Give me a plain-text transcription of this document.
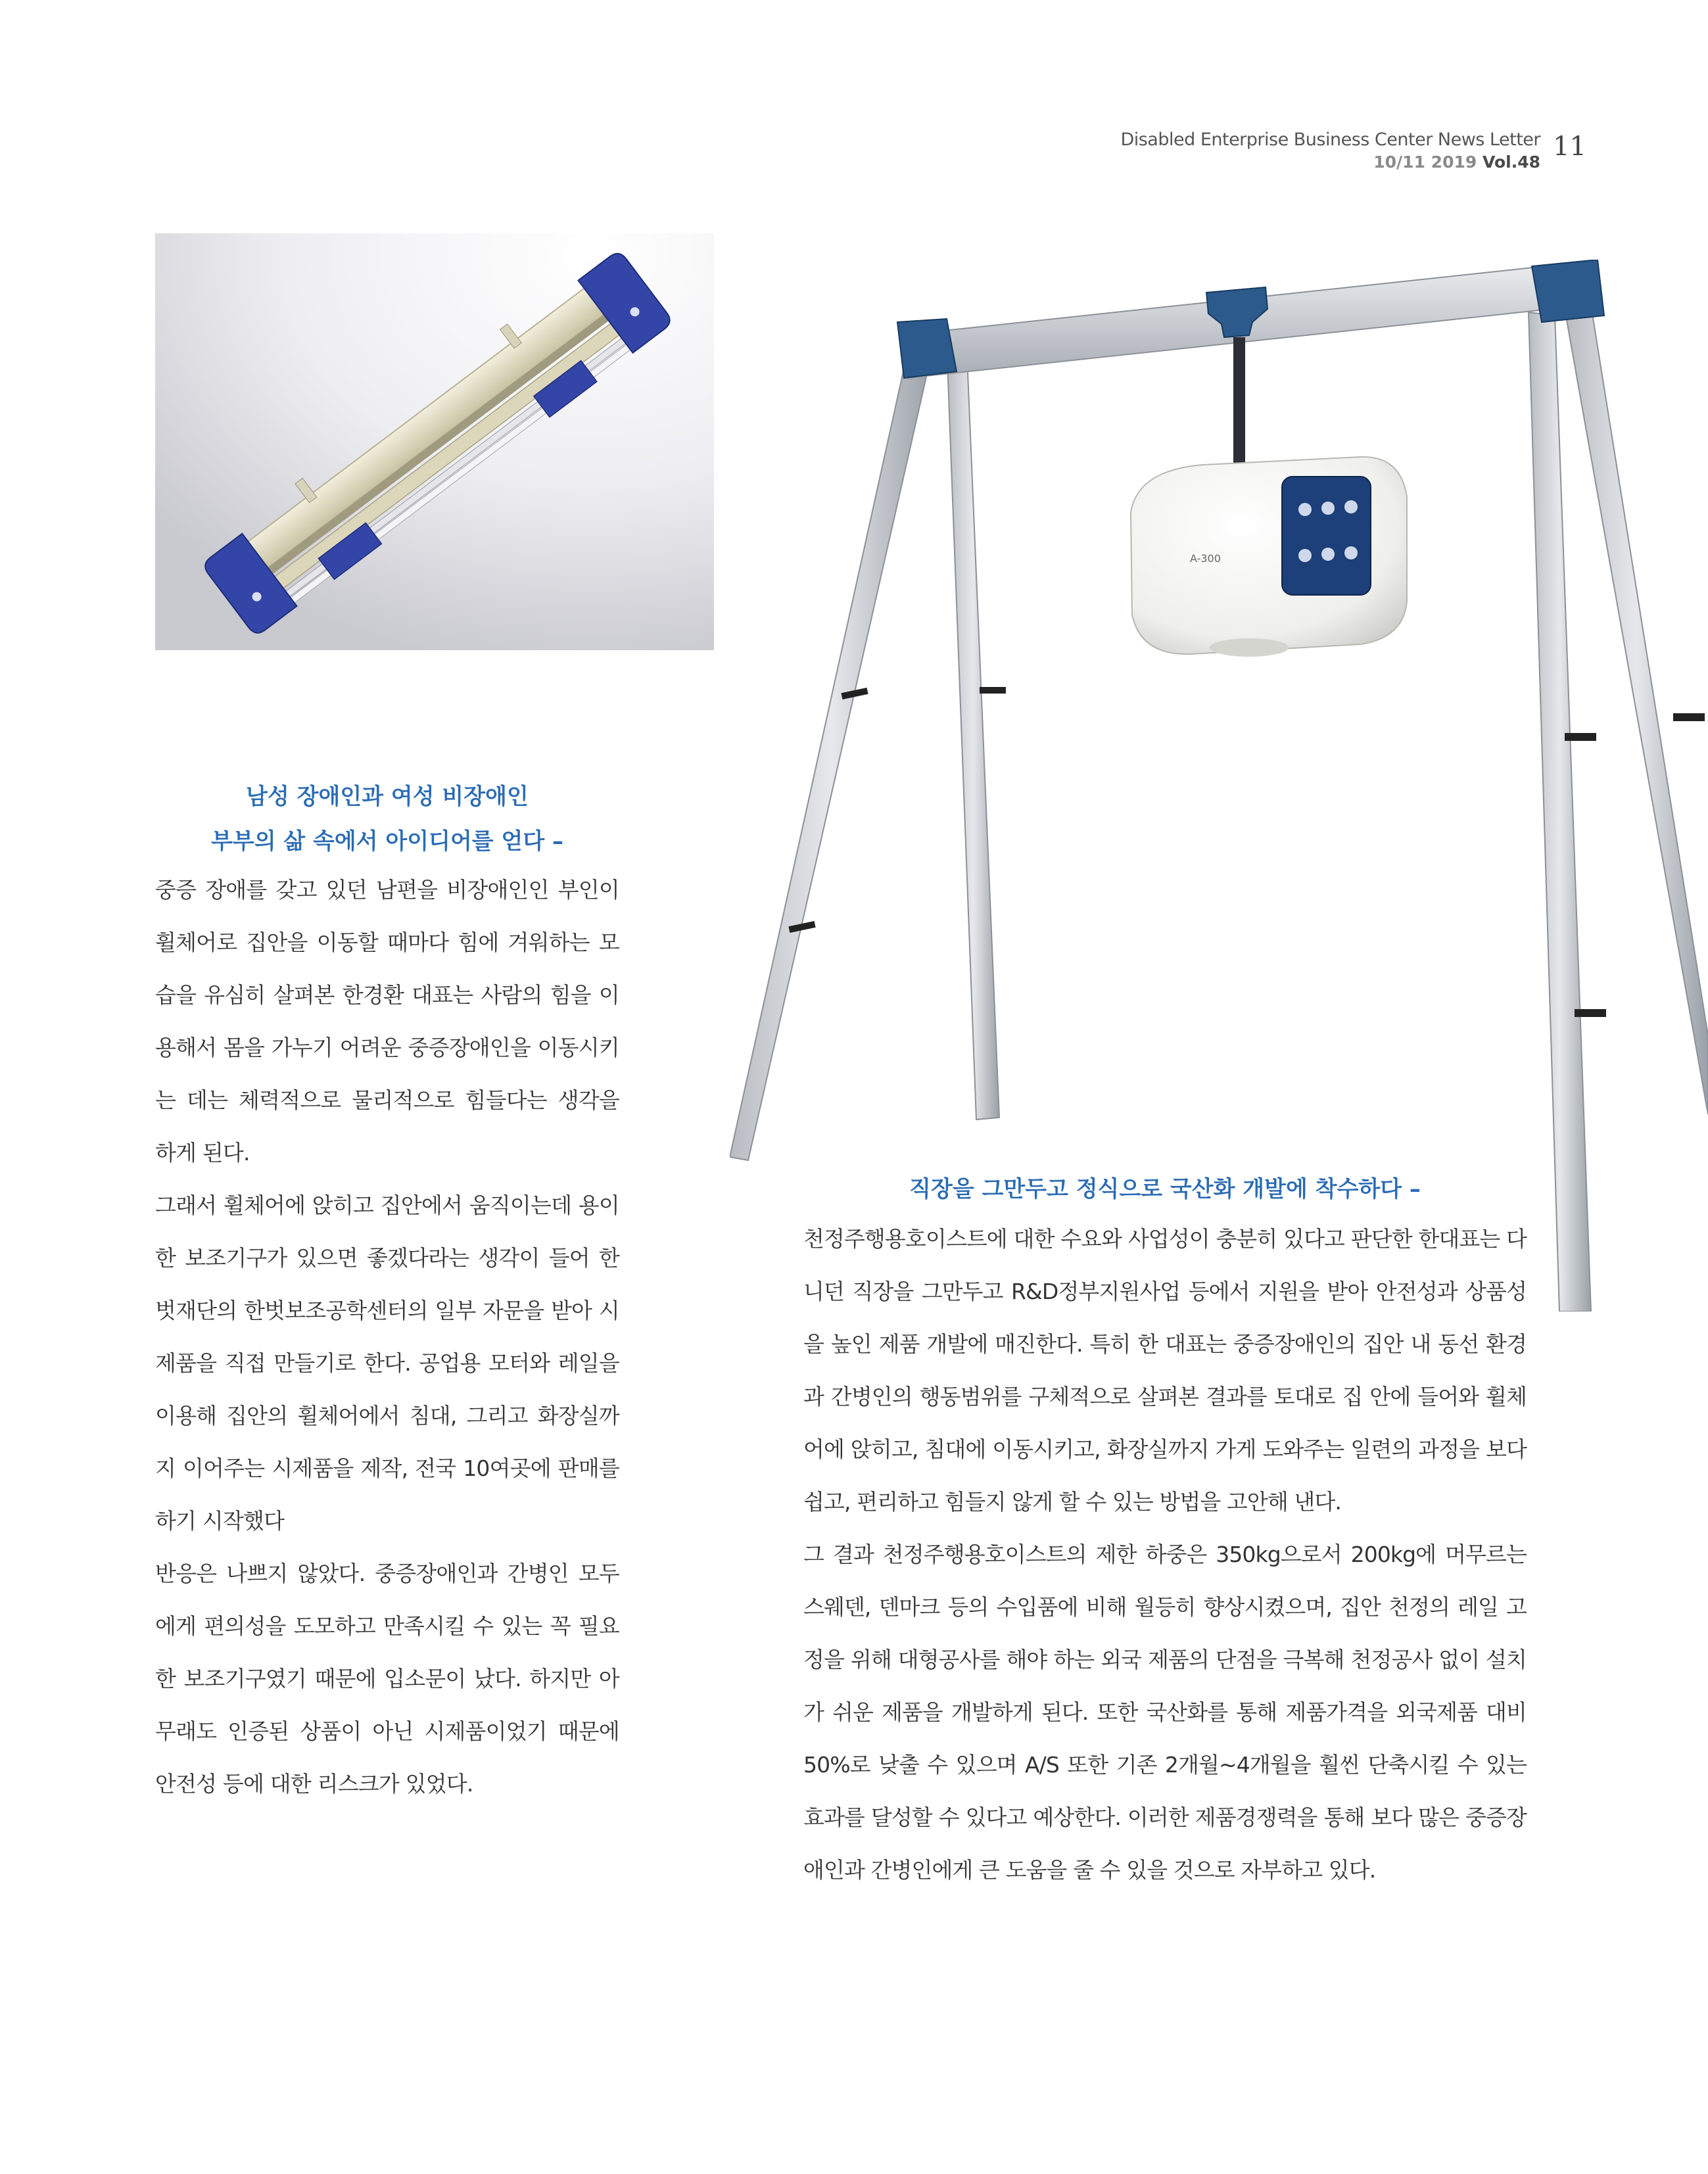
Disabled Enterprise Business Center News Letter
10/11 2019 Vol.48
11
A-300

남성 장애인과 여성 비장애인

부부의 삶 속에서 아이디어를 얻다 –

중증 장애를 갖고 있던 남편을 비장애인인 부인이 휠체어로 집안을 이동할 때마다 힘에 겨워하는 모습을 유심히 살펴본 한경환 대표는 사람의 힘을 이용해서 몸을 가누기 어려운 중증장애인을 이동시키는 데는 체력적으로 물리적으로 힘들다는 생각을 하게 된다.

그래서 휠체어에 앉히고 집안에서 움직이는데 용이한 보조기구가 있으면 좋겠다라는 생각이 들어 한벗재단의 한벗보조공학센터의 일부 자문을 받아 시제품을 직접 만들기로 한다. 공업용 모터와 레일을 이용해 집안의 휠체어에서 침대, 그리고 화장실까지 이어주는 시제품을 제작, 전국 10여곳에 판매를 하기 시작했다

반응은 나쁘지 않았다. 중증장애인과 간병인 모두에게 편의성을 도모하고 만족시킬 수 있는 꼭 필요한 보조기구였기 때문에 입소문이 났다. 하지만 아무래도 인증된 상품이 아닌 시제품이었기 때문에 안전성 등에 대한 리스크가 있었다.

직장을 그만두고 정식으로 국산화 개발에 착수하다 –

천정주행용호이스트에 대한 수요와 사업성이 충분히 있다고 판단한 한대표는 다니던 직장을 그만두고 R&D정부지원사업 등에서 지원을 받아 안전성과 상품성을 높인 제품 개발에 매진한다. 특히 한 대표는 중증장애인의 집안 내 동선 환경과 간병인의 행동범위를 구체적으로 살펴본 결과를 토대로 집 안에 들어와 휠체어에 앉히고, 침대에 이동시키고, 화장실까지 가게 도와주는 일련의 과정을 보다 쉽고, 편리하고 힘들지 않게 할 수 있는 방법을 고안해 낸다.

그 결과 천정주행용호이스트의 제한 하중은 350kg으로서 200kg에 머무르는 스웨덴, 덴마크 등의 수입품에 비해 월등히 향상시켰으며, 집안 천정의 레일 고정을 위해 대형공사를 해야 하는 외국 제품의 단점을 극복해 천정공사 없이 설치가 쉬운 제품을 개발하게 된다. 또한 국산화를 통해 제품가격을 외국제품 대비 50%로 낮출 수 있으며 A/S 또한 기존 2개월~4개월을 훨씬 단축시킬 수 있는 효과를 달성할 수 있다고 예상한다. 이러한 제품경쟁력을 통해 보다 많은 중증장애인과 간병인에게 큰 도움을 줄 수 있을 것으로 자부하고 있다.
